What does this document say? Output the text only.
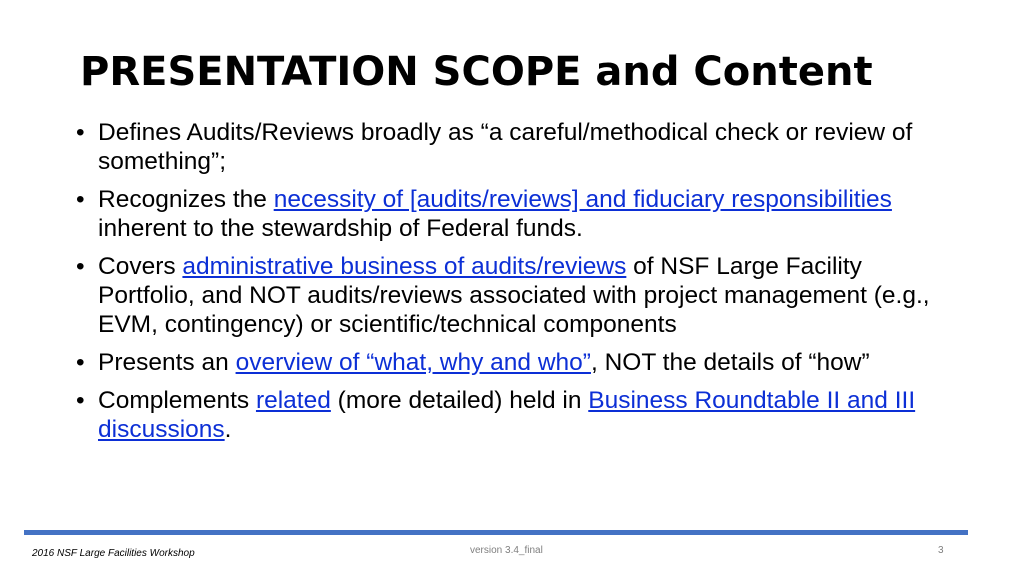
PRESENTATION SCOPE and Content
• Defines Audits/Reviews broadly as “a careful/methodical check or review of something”;
• Recognizes the necessity of [audits/reviews] and fiduciary responsibilities inherent to the stewardship of Federal funds.
• Covers administrative business of audits/reviews of NSF Large Facility Portfolio, and NOT audits/reviews associated with project management (e.g., EVM, contingency) or scientific/technical components
• Presents an overview of “what, why and who”, NOT the details of “how”
• Complements related (more detailed) held in Business Roundtable II and III discussions.
2016 NSF Large Facilities Workshop	version 3.4_final	3
